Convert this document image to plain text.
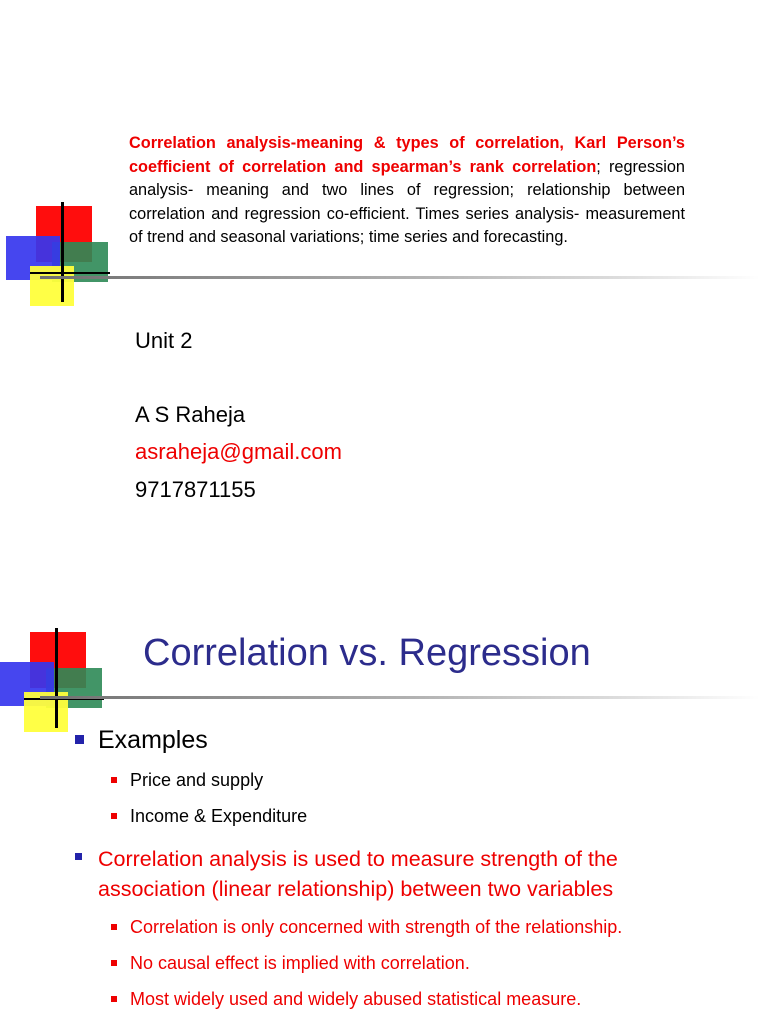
Correlation analysis-meaning & types of correlation, Karl Person’s coefficient of correlation and spearman’s rank correlation; regression analysis- meaning and two lines of regression; relationship between correlation and regression co-efficient. Times series analysis- measurement of trend and seasonal variations; time series and forecasting.

Unit 2
A S Raheja
asraheja@gmail.com
9717871155
Correlation vs. Regression
Examples
Price and supply
Income & Expenditure
Correlation analysis is used to measure strength of the
association (linear relationship) between two variables
Correlation is only concerned with strength of the relationship.
No causal effect is implied with correlation.
Most widely used and widely abused statistical measure.
